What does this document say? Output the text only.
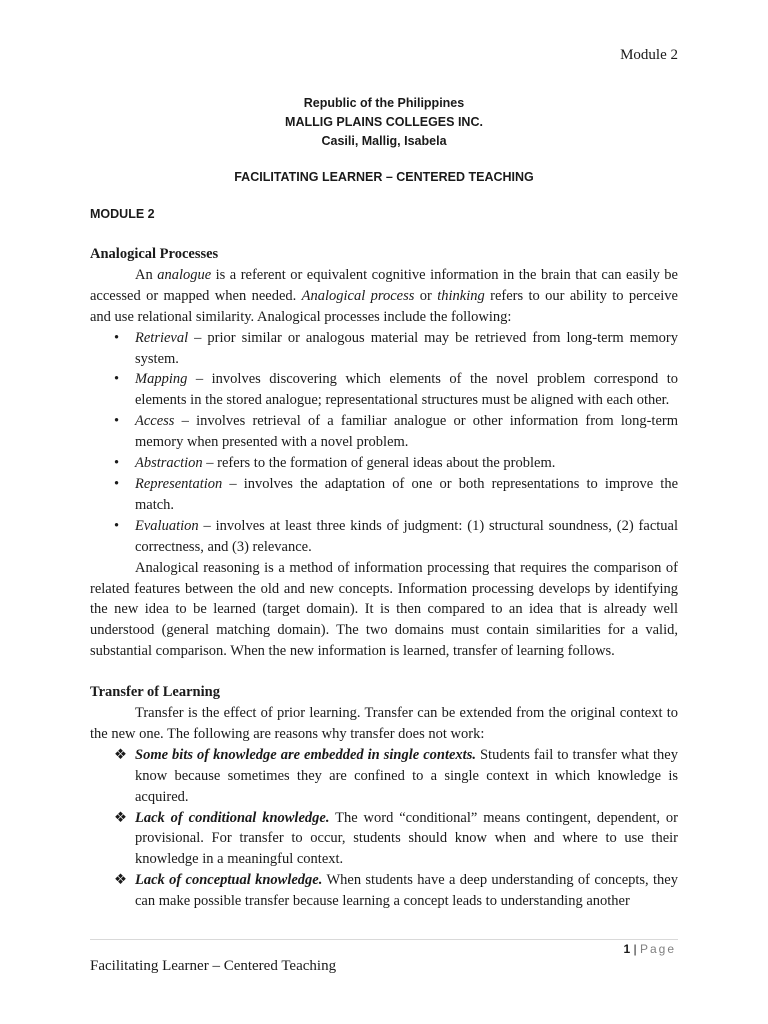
Module 2
Republic of the Philippines
MALLIG PLAINS COLLEGES INC.
Casili, Mallig, Isabela
FACILITATING LEARNER – CENTERED TEACHING
MODULE 2

Analogical Processes

An analogue is a referent or equivalent cognitive information in the brain that can easily be accessed or mapped when needed. Analogical process or thinking refers to our ability to perceive and use relational similarity. Analogical processes include the following:

• Retrieval – prior similar or analogous material may be retrieved from long-term memory system.
• Mapping – involves discovering which elements of the novel problem correspond to elements in the stored analogue; representational structures must be aligned with each other.
• Access – involves retrieval of a familiar analogue or other information from long-term memory when presented with a novel problem.
• Abstraction – refers to the formation of general ideas about the problem.
• Representation – involves the adaptation of one or both representations to improve the match.
• Evaluation – involves at least three kinds of judgment: (1) structural soundness, (2) factual correctness, and (3) relevance.

Analogical reasoning is a method of information processing that requires the comparison of related features between the old and new concepts. Information processing develops by identifying the new idea to be learned (target domain). It is then compared to an idea that is already well understood (general matching domain). The two domains must contain similarities for a valid, substantial comparison. When the new information is learned, transfer of learning follows.

Transfer of Learning

Transfer is the effect of prior learning. Transfer can be extended from the original context to the new one. The following are reasons why transfer does not work:

❖ Some bits of knowledge are embedded in single contexts. Students fail to transfer what they know because sometimes they are confined to a single context in which knowledge is acquired.
❖ Lack of conditional knowledge. The word “conditional” means contingent, dependent, or provisional. For transfer to occur, students should know when and where to use their knowledge in a meaningful context.
❖ Lack of conceptual knowledge. When students have a deep understanding of concepts, they can make possible transfer because learning a concept leads to understanding another
1 | Page
Facilitating Learner – Centered Teaching
